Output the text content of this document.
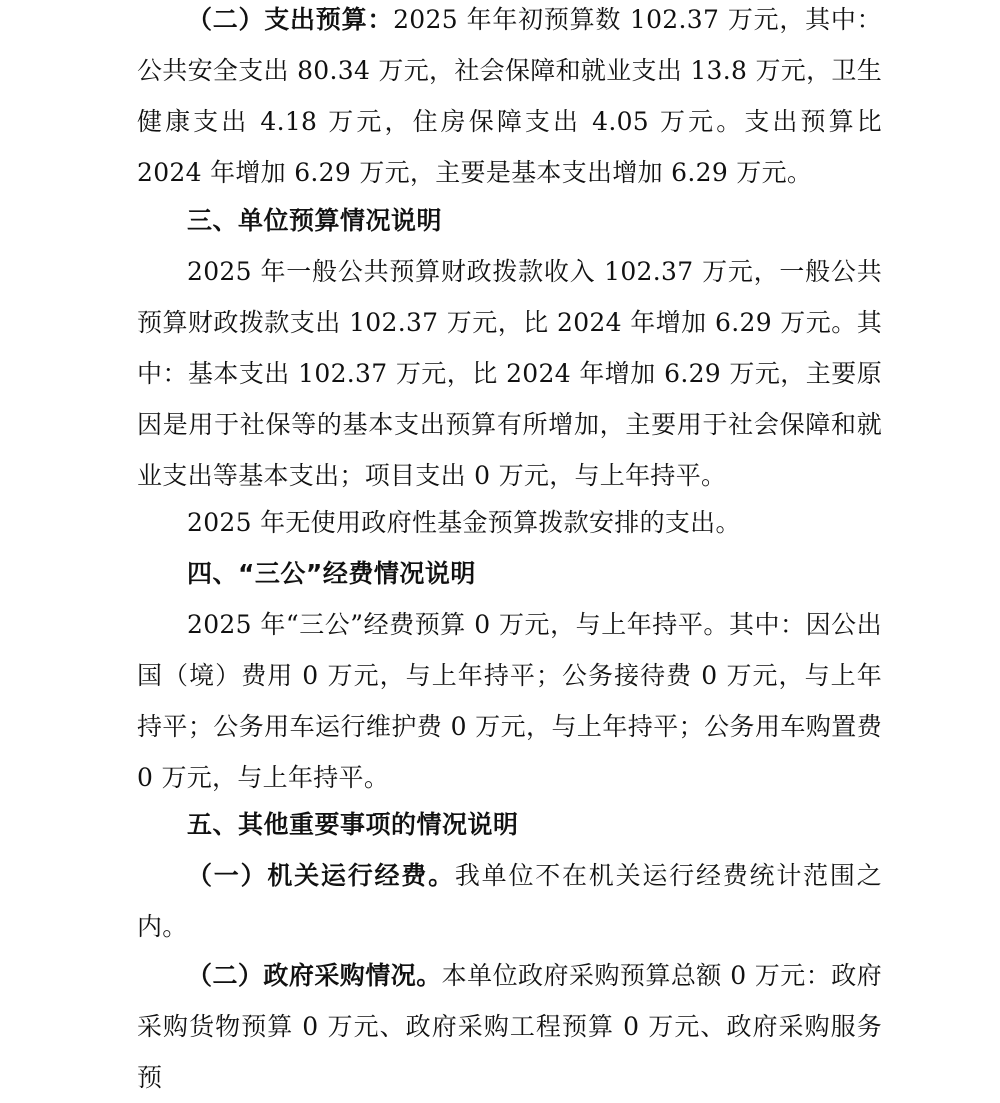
（二）支出预算：2025 年年初预算数 102.37 万元，其中：公共安全支出 80.34 万元，社会保障和就业支出 13.8 万元，卫生健康支出 4.18 万元，住房保障支出 4.05 万元。支出预算比 2024 年增加 6.29 万元，主要是基本支出增加 6.29 万元。

三、单位预算情况说明

2025 年一般公共预算财政拨款收入 102.37 万元，一般公共预算财政拨款支出 102.37 万元，比 2024 年增加 6.29 万元。其中：基本支出 102.37 万元，比 2024 年增加 6.29 万元，主要原因是用于社保等的基本支出预算有所增加，主要用于社会保障和就业支出等基本支出；项目支出 0 万元，与上年持平。

2025 年无使用政府性基金预算拨款安排的支出。

四、“三公”经费情况说明

2025 年“三公”经费预算 0 万元，与上年持平。其中：因公出国（境）费用 0 万元，与上年持平；公务接待费 0 万元，与上年持平；公务用车运行维护费 0 万元，与上年持平；公务用车购置费 0 万元，与上年持平。

五、其他重要事项的情况说明

（一）机关运行经费。我单位不在机关运行经费统计范围之内。

（二）政府采购情况。本单位政府采购预算总额 0 万元：政府采购货物预算 0 万元、政府采购工程预算 0 万元、政府采购服务预
